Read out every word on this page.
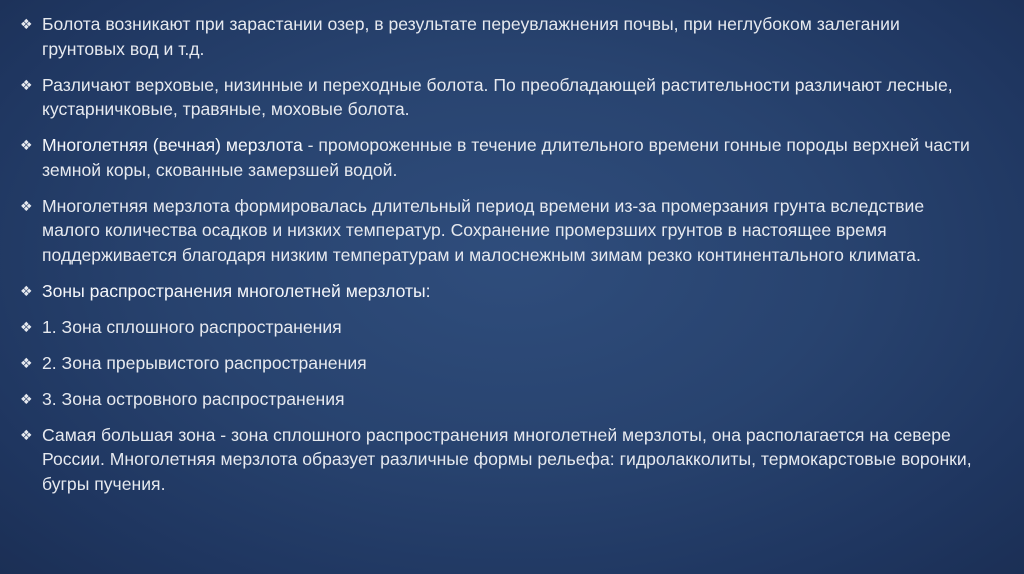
❖ Болота возникают при зарастании озер, в результате переувлажнения почвы, при неглубоком залегании грунтовых вод и т.д.
❖ Различают верховые, низинные и переходные болота. По преобладающей растительности различают лесные, кустарничковые, травяные, моховые болота.
❖ Многолетняя (вечная) мерзлота - промороженные в течение длительного времени гонные породы верхней части земной коры, скованные замерзшей водой.
❖ Многолетняя мерзлота формировалась длительный период времени из-за промерзания грунта вследствие малого количества осадков и низких температур. Сохранение промерзших грунтов в настоящее время поддерживается благодаря низким температурам и малоснежным зимам резко континентального климата.
❖ Зоны распространения многолетней мерзлоты:
❖ 1. Зона сплошного распространения
❖ 2. Зона прерывистого распространения
❖ 3. Зона островного распространения
❖ Самая большая зона - зона сплошного распространения многолетней мерзлоты, она располагается на севере России. Многолетняя мерзлота образует различные формы рельефа: гидролакколиты, термокарстовые воронки, бугры пучения.
